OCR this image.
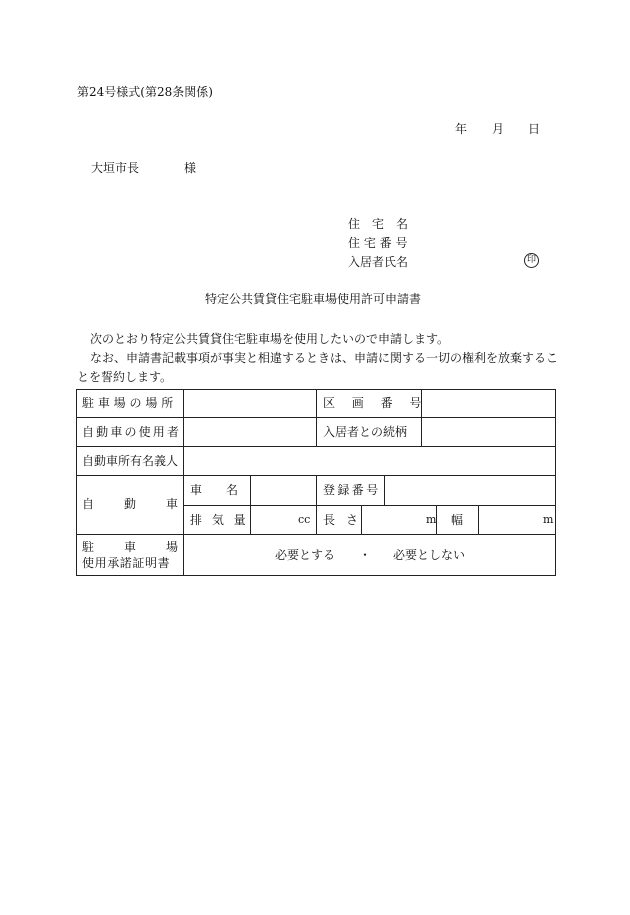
第24号様式(第28条関係)
年 月 日
大垣市長	様
住　宅　名
住 宅 番 号
入居者氏名	印
特定公共賃貸住宅駐車場使用許可申請書
次のとおり特定公共賃貸住宅駐車場を使用したいので申請します。
なお、申請書記載事項が事実と相違するときは、申請に関する一切の権利を放棄するこ
とを誓約します。
駐車場の場所	区画番号
自動車の使用者	入居者との続柄
自動車所有名義人
自動車
車　　名	登録番号
排 気 量	cc 長 さ	m 幅	m
駐車場
使用承諾証明書
必要とする ・ 必要としない
